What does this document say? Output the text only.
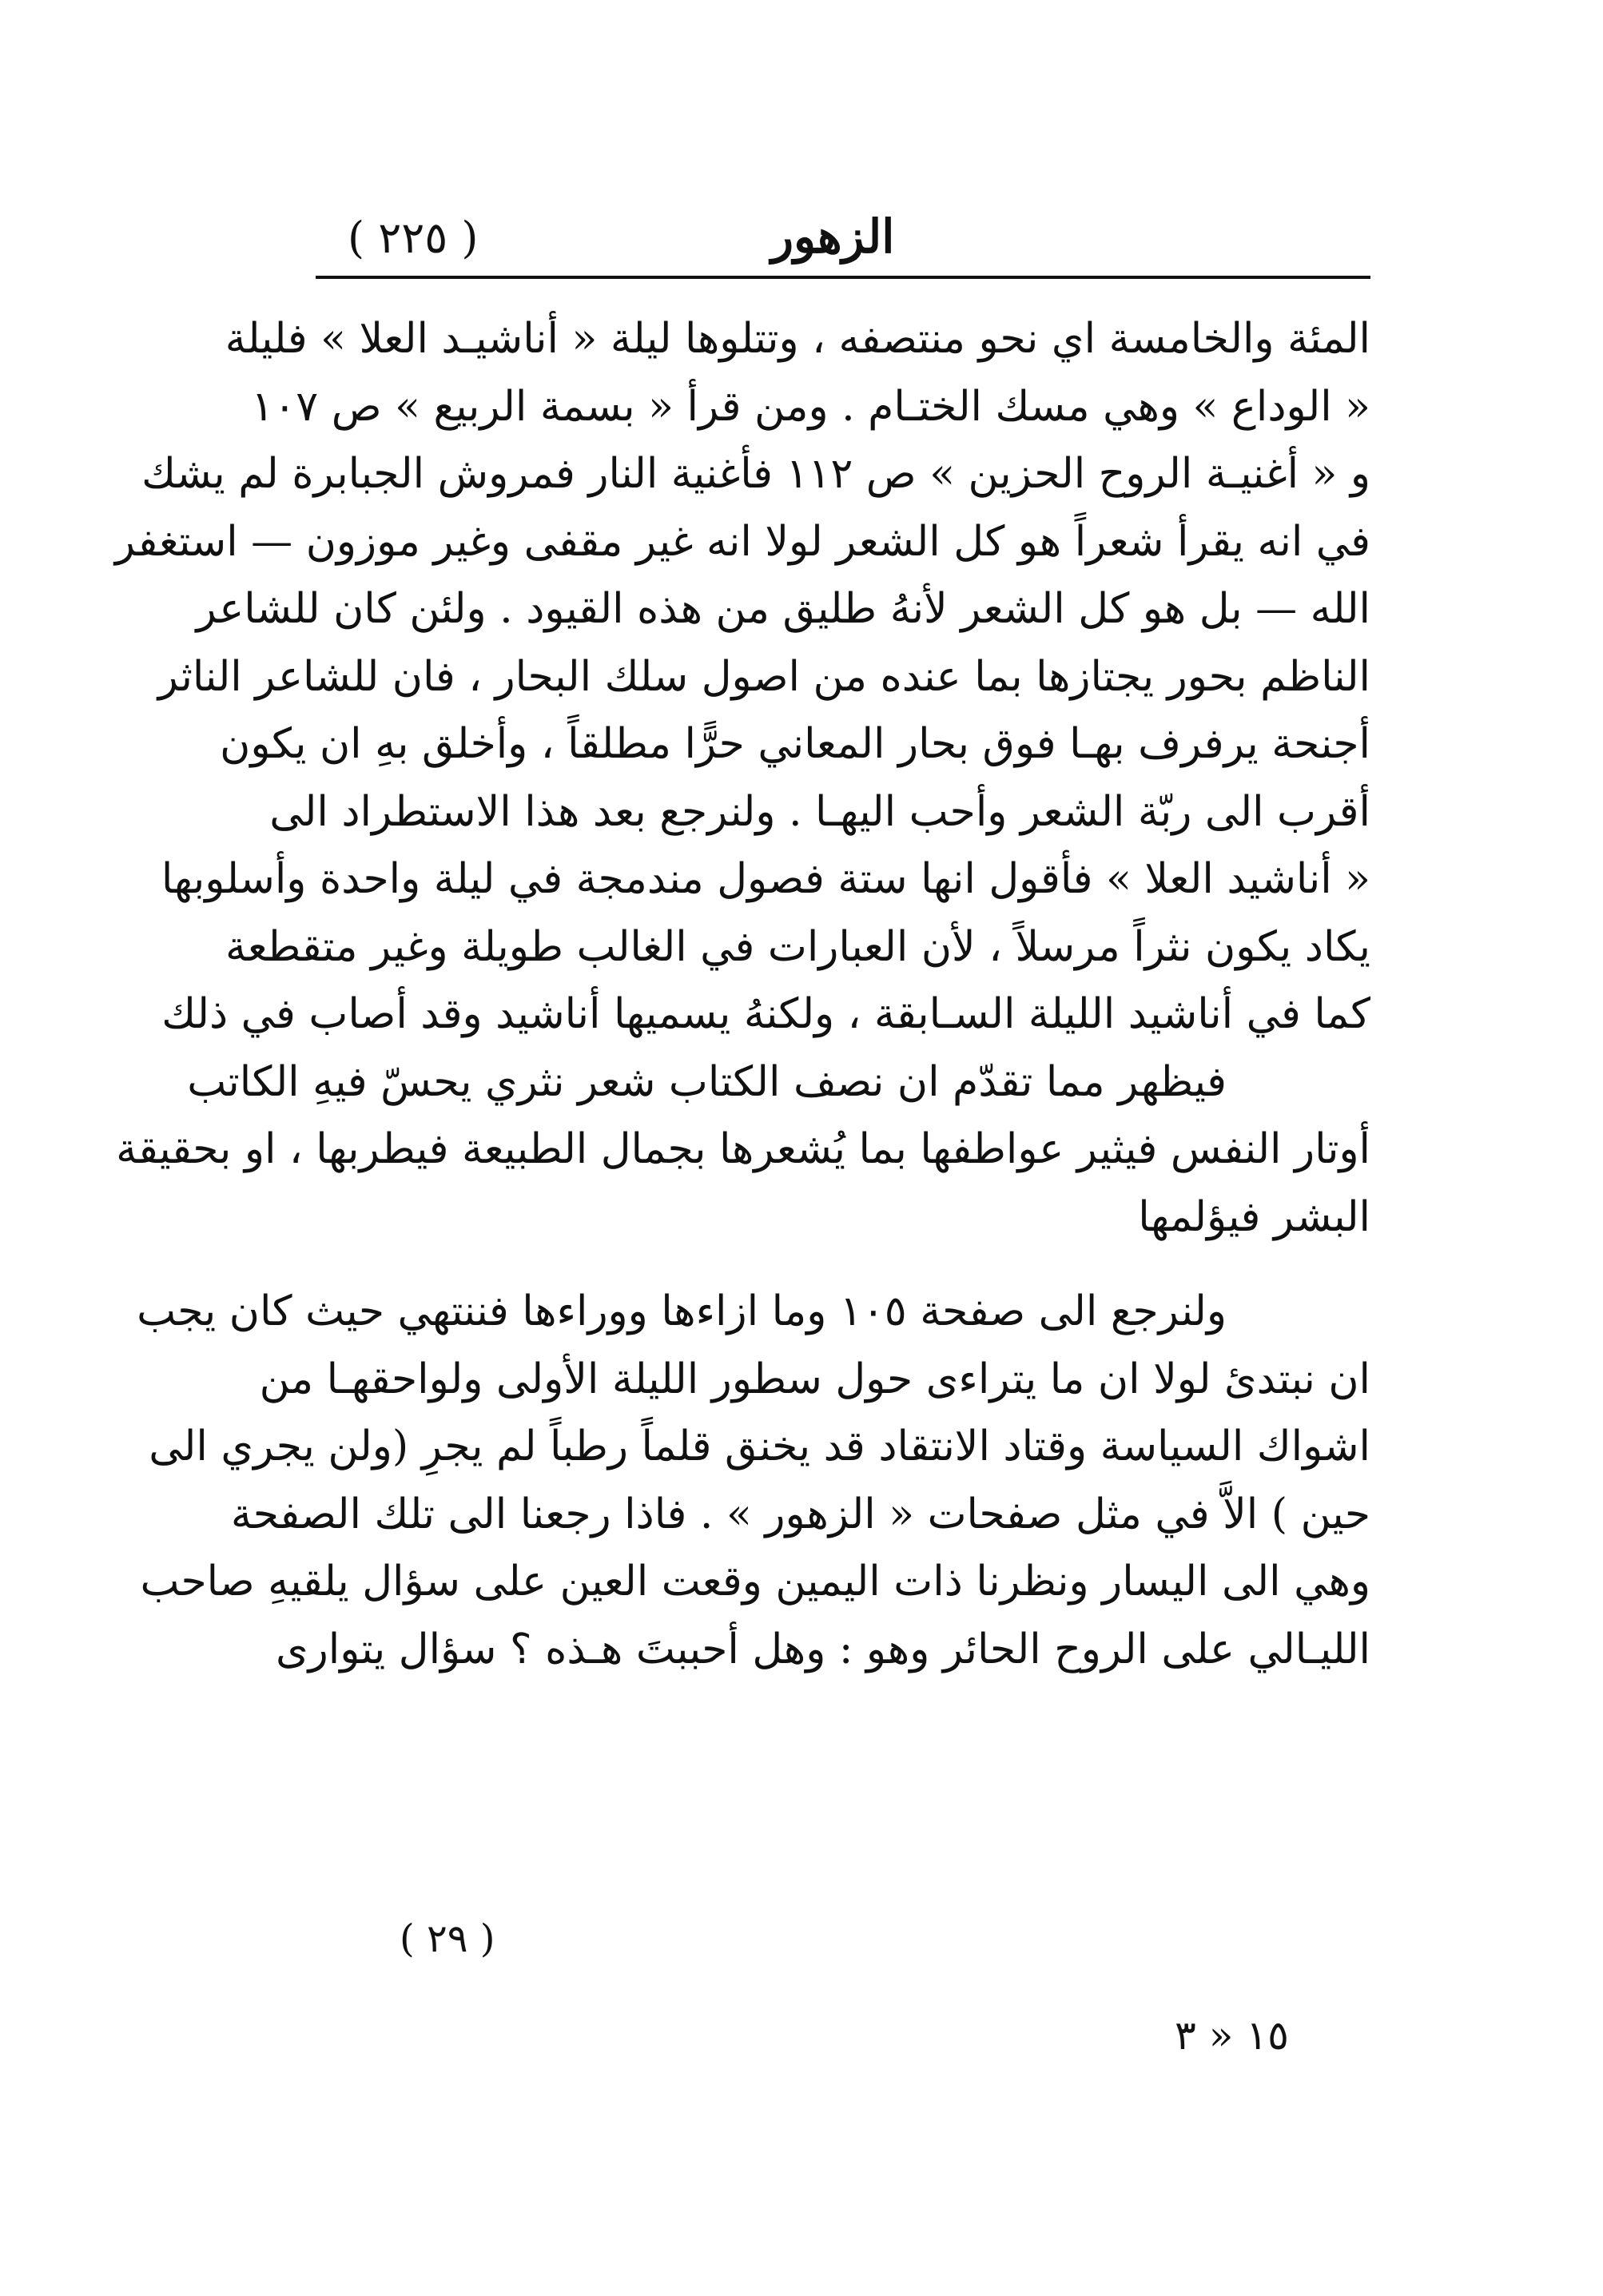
( ٢٢٥ )	الزهور
المئة والخامسة اي نحو منتصفه ، وتتلوها ليلة « أناشيـد العلا » فليلة
« الوداع » وهي مسك الختـام . ومن قرأ « بسمة الربيع » ص ١٠٧
و « أغنيـة الروح الحزين » ص ١١٢ فأغنية النار فمروش الجبابرة لم يشك
في انه يقرأ شعراً هو كل الشعر لولا انه غير مقفى وغير موزون — استغفر
الله — بل هو كل الشعر لأنهُ طليق من هذه القيود . ولئن كان للشاعر
الناظم بحور يجتازها بما عنده من اصول سلك البحار ، فان للشاعر الناثر
أجنحة يرفرف بهـا فوق بحار المعاني حرًّا مطلقاً ، وأخلق بهِ ان يكون
أقرب الى ربّة الشعر وأحب اليهـا . ولنرجع بعد هذا الاستطراد الى
« أناشيد العلا » فأقول انها ستة فصول مندمجة في ليلة واحدة وأسلوبها
يكاد يكون نثراً مرسلاً ، لأن العبارات في الغالب طويلة وغير متقطعة
كما في أناشيد الليلة السـابقة ، ولكنهُ يسميها أناشيد وقد أصاب في ذلك
فيظهر مما تقدّم ان نصف الكتاب شعر نثري يحسّ فيهِ الكاتب
أوتار النفس فيثير عواطفها بما يُشعرها بجمال الطبيعة فيطربها ، او بحقيقة
البشر فيؤلمها
ولنرجع الى صفحة ١٠٥ وما ازاءها ووراءها فننتهي حيث كان يجب
ان نبتدئ لولا ان ما يتراءى حول سطور الليلة الأولى ولواحقهـا من
اشواك السياسة وقتاد الانتقاد قد يخنق قلماً رطباً لم يجرِ (ولن يجري الى
حين ) الاَّ في مثل صفحات « الزهور » . فاذا رجعنا الى تلك الصفحة
وهي الى اليسار ونظرنا ذات اليمين وقعت العين على سؤال يلقيهِ صاحب
الليـالي على الروح الحائر وهو : وهل أحببتَ هـذه ؟ سؤال يتوارى
( ٢٩ )
١٥ « ٣
